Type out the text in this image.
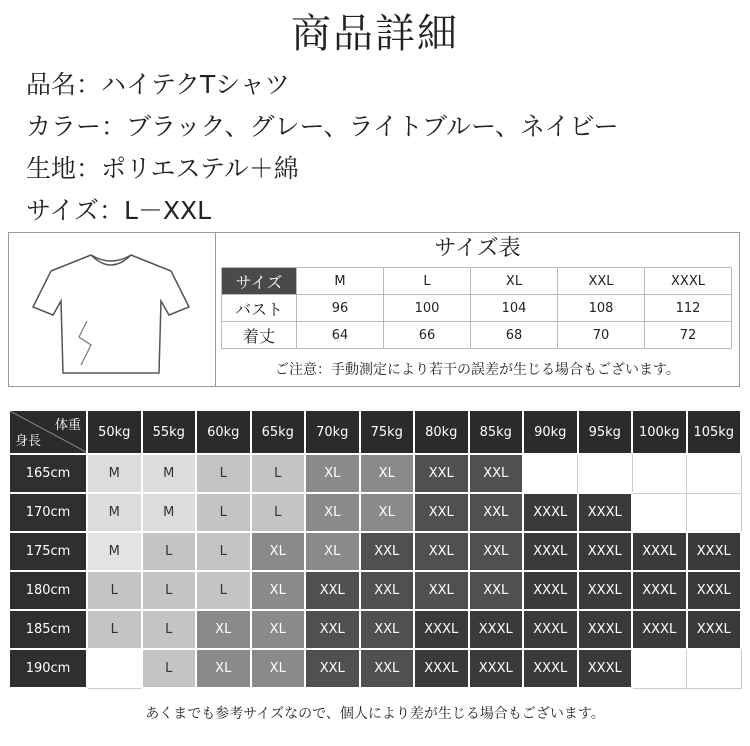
商品詳細
品名：ハイテクTシャツ
カラー：ブラック、グレー、ライトブルー、ネイビー
生地：ポリエステル＋綿
サイズ：L－XXL
サイズ表
サイズ	M	L	XL	XXL	XXXL
バスト	96	100	104	108	112
着丈	64	66	68	70	72
ご注意：手動測定により若干の誤差が生じる場合もございます。
体重
身長	50kg	55kg	60kg	65kg	70kg	75kg	80kg	85kg	90kg	95kg	100kg	105kg
165cm	M	M	L	L	XL	XL	XXL	XXL				
170cm	M	M	L	L	XL	XL	XXL	XXL	XXXL	XXXL		
175cm	M	L	L	XL	XL	XXL	XXL	XXL	XXXL	XXXL	XXXL	XXXL
180cm	L	L	L	XL	XXL	XXL	XXL	XXL	XXXL	XXXL	XXXL	XXXL
185cm	L	L	XL	XL	XXL	XXL	XXXL	XXXL	XXXL	XXXL	XXXL	XXXL
190cm		L	XL	XL	XXL	XXL	XXXL	XXXL	XXXL	XXXL		
あくまでも参考サイズなので、個人により差が生じる場合もございます。
